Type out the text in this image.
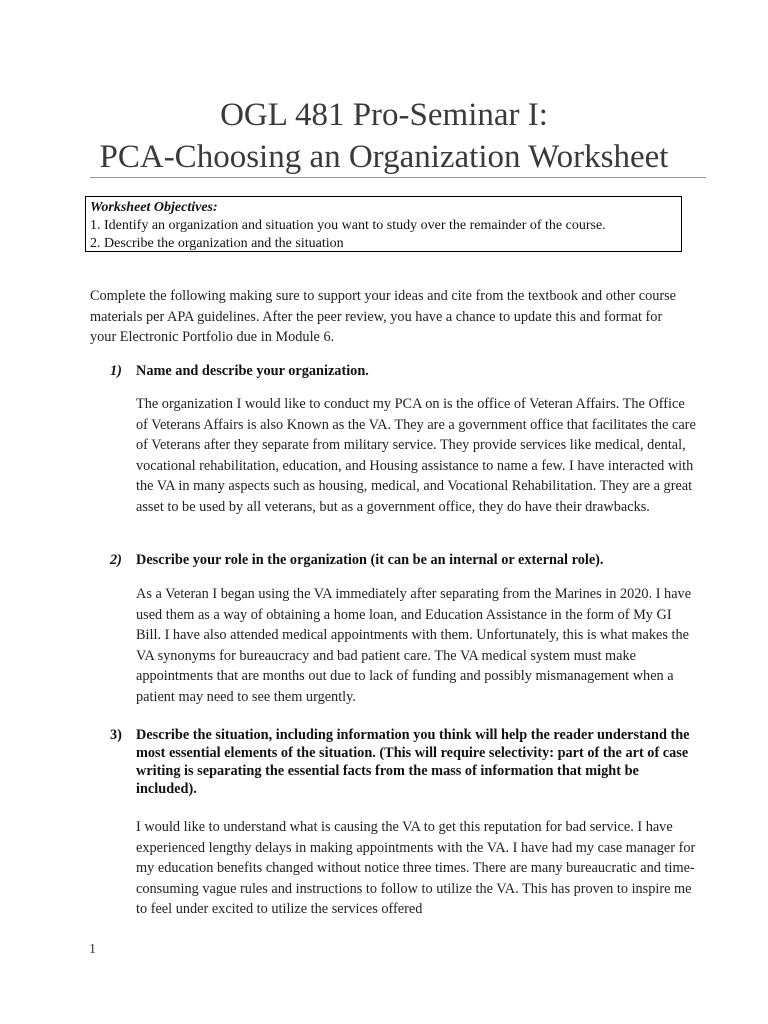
OGL 481 Pro-Seminar I:
PCA-Choosing an Organization Worksheet
Worksheet Objectives:
1. Identify an organization and situation you want to study over the remainder of the course.
2. Describe the organization and the situation

Complete the following making sure to support your ideas and cite from the textbook and other course materials per APA guidelines. After the peer review, you have a chance to update this and format for your Electronic Portfolio due in Module 6.

1) Name and describe your organization.

The organization I would like to conduct my PCA on is the office of Veteran Affairs. The Office of Veterans Affairs is also Known as the VA. They are a government office that facilitates the care of Veterans after they separate from military service. They provide services like medical, dental, vocational rehabilitation, education, and Housing assistance to name a few. I have interacted with the VA in many aspects such as housing, medical, and Vocational Rehabilitation. They are a great asset to be used by all veterans, but as a government office, they do have their drawbacks.

2) Describe your role in the organization (it can be an internal or external role).

As a Veteran I began using the VA immediately after separating from the Marines in 2020. I have used them as a way of obtaining a home loan, and Education Assistance in the form of My GI Bill. I have also attended medical appointments with them. Unfortunately, this is what makes the VA synonyms for bureaucracy and bad patient care. The VA medical system must make appointments that are months out due to lack of funding and possibly mismanagement when a patient may need to see them urgently.

3) Describe the situation, including information you think will help the reader understand the most essential elements of the situation. (This will require selectivity: part of the art of case writing is separating the essential facts from the mass of information that might be included).

I would like to understand what is causing the VA to get this reputation for bad service. I have experienced lengthy delays in making appointments with the VA. I have had my case manager for my education benefits changed without notice three times. There are many bureaucratic and time-consuming vague rules and instructions to follow to utilize the VA. This has proven to inspire me to feel under excited to utilize the services offered

1
